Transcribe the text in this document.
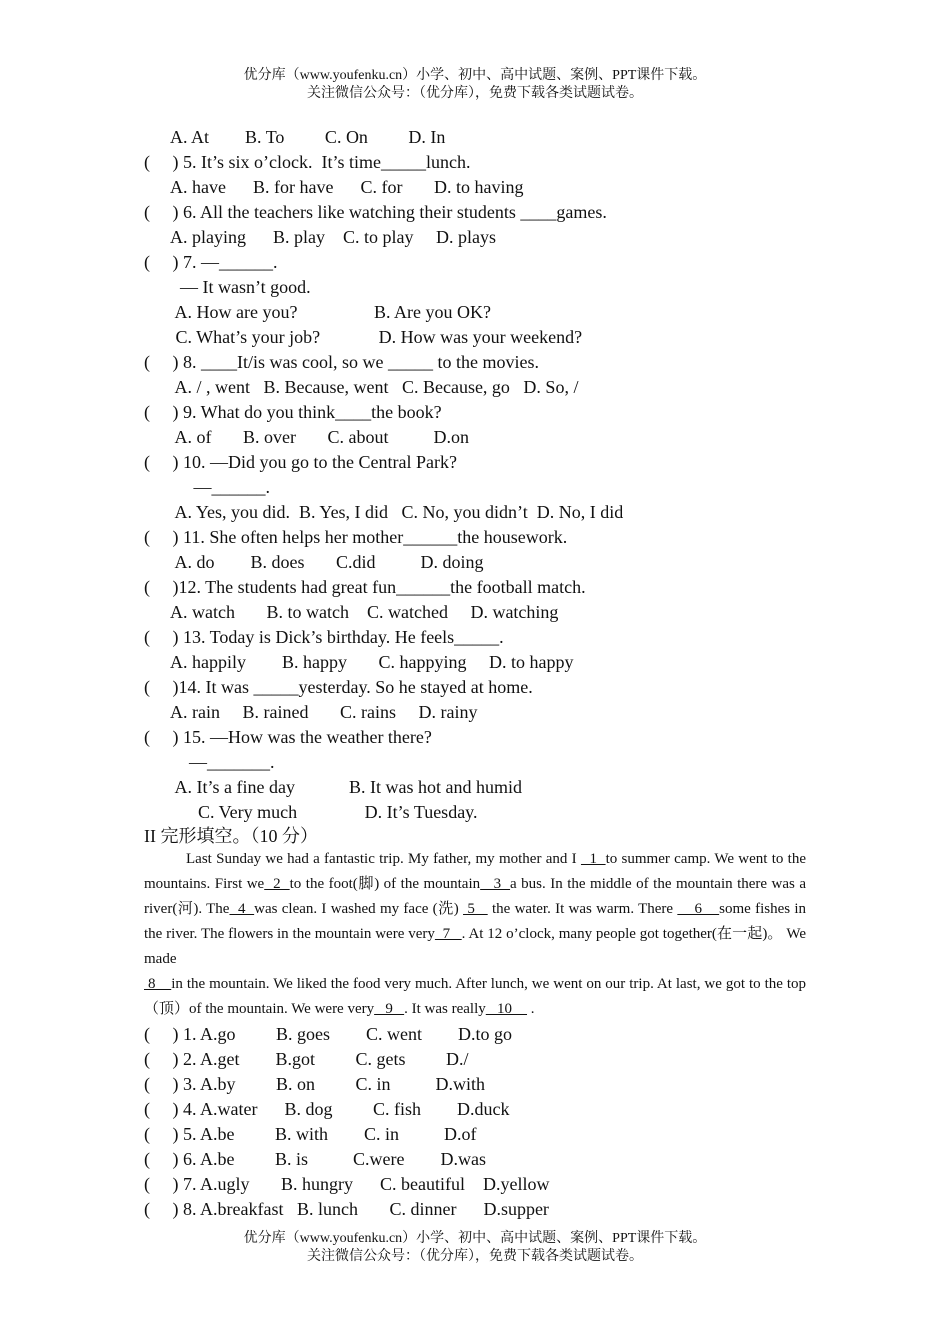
优分库（www.youfenku.cn）小学、初中、高中试题、案例、PPT课件下载。
关注微信公众号：（优分库），免费下载各类试题试卷。
A. At        B. To         C. On         D. In
(     ) 5. It’s six o’clock.  It’s time_____lunch.
A. have      B. for have      C. for       D. to having
(     ) 6. All the teachers like watching their students ____games.
A. playing      B. play    C. to play     D. plays
(     ) 7. —______.
— It wasn’t good.
A. How are you?                 B. Are you OK?
C. What’s your job?             D. How was your weekend?
(     ) 8. ____It/is was cool, so we _____ to the movies.
A. / , went   B. Because, went   C. Because, go   D. So, /
(     ) 9. What do you think____the book?
A. of       B. over       C. about          D.on
(     ) 10. —Did you go to the Central Park?
—______.
A. Yes, you did.  B. Yes, I did   C. No, you didn’t  D. No, I did
(     ) 11. She often helps her mother______the housework.
A. do        B. does       C.did          D. doing
(     )12. The students had great fun______the football match.
A. watch       B. to watch    C. watched     D. watching
(     ) 13. Today is Dick’s birthday. He feels_____.
A. happily        B. happy       C. happying     D. to happy
(     )14. It was _____yesterday. So he stayed at home.
A. rain     B. rained       C. rains     D. rainy
(     ) 15. —How was the weather there?
—_______.
A. It’s a fine day            B. It was hot and humid
C. Very much               D. It’s Tuesday.
II 完形填空。（10 分）
Last Sunday we had a fantastic trip. My father, my mother and I   1  to summer camp. We went to the mountains. First we  2  to the foot(脚) of the mountain   3  a bus. In the middle of the mountain there was a river(河). The  4  was clean. I washed my face (洗)  5    the water. It was warm. There     6    some fishes in the river. The flowers in the mountain were very  7   . At 12 o’clock, many people got together(在一起)。 We made
8    in the mountain. We liked the food very much. After lunch, we went on our trip. At last, we got to the top （顶）of the mountain. We were very   9   . It was really   10     .
(     ) 1. A.go         B. goes        C. went        D.to go
(     ) 2. A.get        B.got         C. gets         D./
(     ) 3. A.by         B. on         C. in          D.with
(     ) 4. A.water      B. dog         C. fish        D.duck
(     ) 5. A.be         B. with        C. in          D.of
(     ) 6. A.be         B. is          C.were        D.was
(     ) 7. A.ugly       B. hungry      C. beautiful    D.yellow
(     ) 8. A.breakfast   B. lunch       C. dinner      D.supper
优分库（www.youfenku.cn）小学、初中、高中试题、案例、PPT课件下载。
关注微信公众号：（优分库），免费下载各类试题试卷。
